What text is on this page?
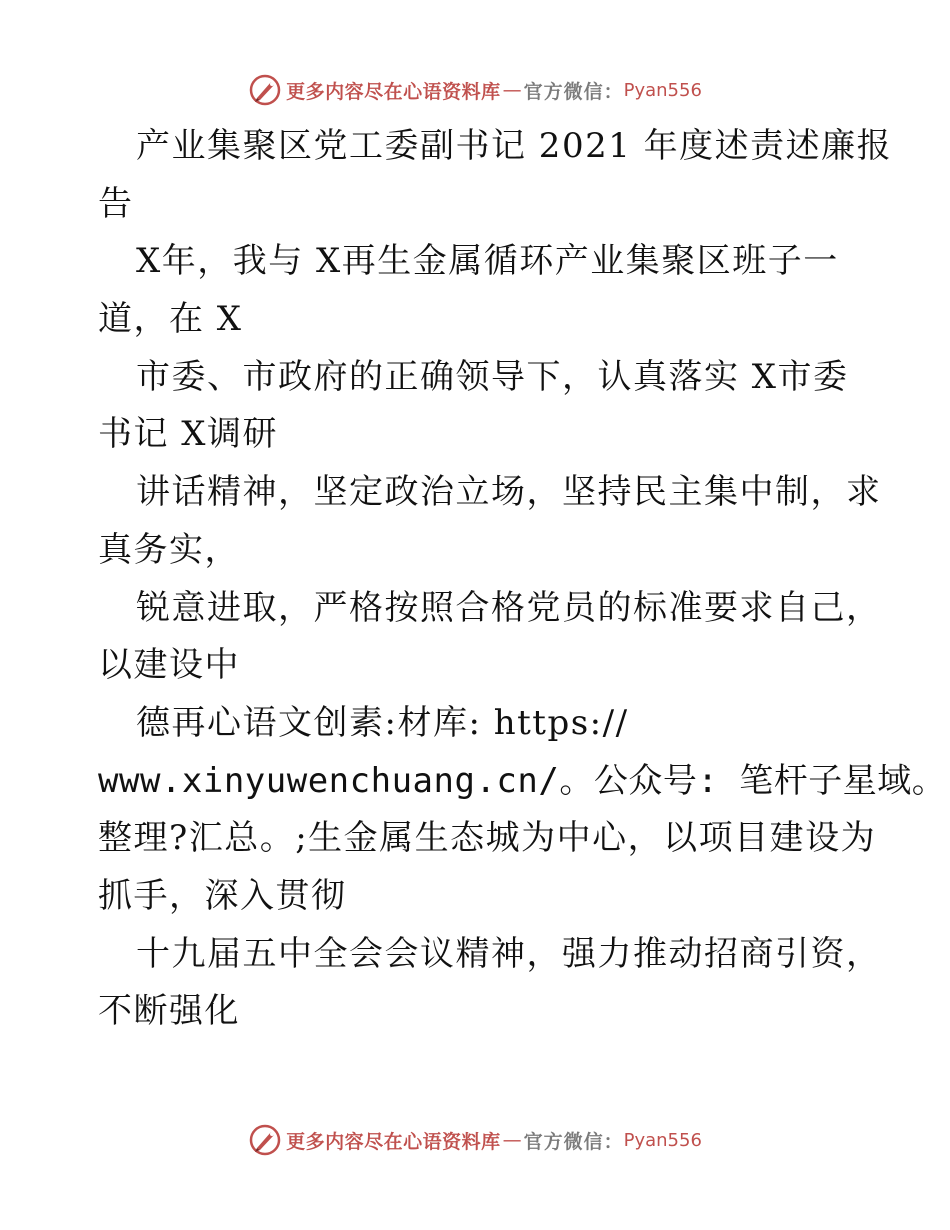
更多内容尽在心语资料库 — 官方微信： Pyan556
产业集聚区党工委副书记 2021 年度述责述廉报
告
X年，我与 X再生金属循环产业集聚区班子一
道，在 X
市委、市政府的正确领导下，认真落实 X市委
书记 X调研
讲话精神，坚定政治立场，坚持民主集中制，求
真务实，
锐意进取，严格按照合格党员的标准要求自己，
以建设中
德再心语文创素:材库: https://
www.xinyuwenchuang.cn/。公众号: 笔杆子星域。
整理?汇总。;生金属生态城为中心，以项目建设为
抓手，深入贯彻
十九届五中全会会议精神，强力推动招商引资，
不断强化
更多内容尽在心语资料库 — 官方微信： Pyan556
